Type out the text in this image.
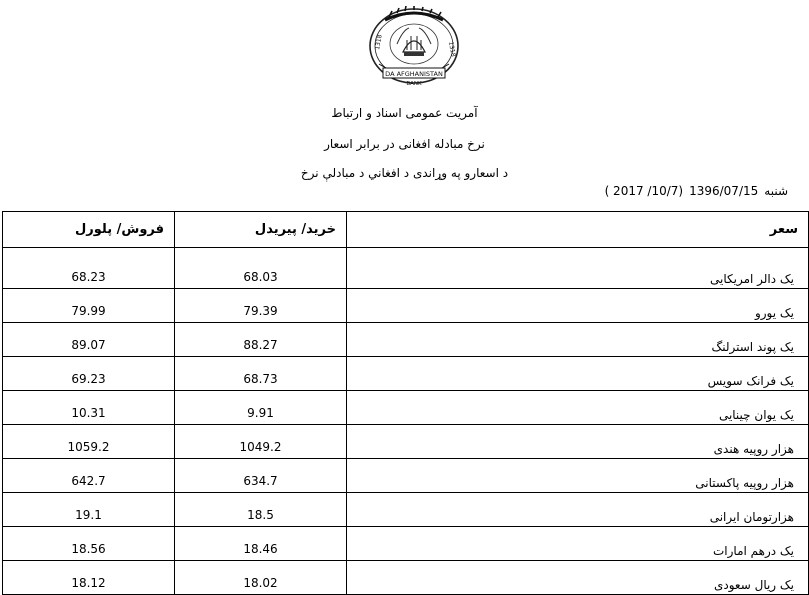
1318	1318
DA AFGHANISTAN
BANK
آمریت عمومی اسناد و ارتباط
نرخ مبادله افغانی در برابر اسعار
د اسعارو په وړاندی د افغاني د مبادلې نرخ
شنبه1396/07/15( 2017 /10/7)
فروش/ پلورل	خرید/ پیریدل	سعر
68.23	68.03	یک دالر امریکایی
79.99	79.39	یک یورو
89.07	88.27	یک پوند استرلنگ
69.23	68.73	یک فرانک سویس
10.31	9.91	یک یوان چینایی
1059.2	1049.2	هزار روپیه هندی
642.7	634.7	هزار روپیه پاکستانی
19.1	18.5	هزارتومان ایرانی
18.56	18.46	یک درهم امارات
18.12	18.02	یک ریال سعودی
